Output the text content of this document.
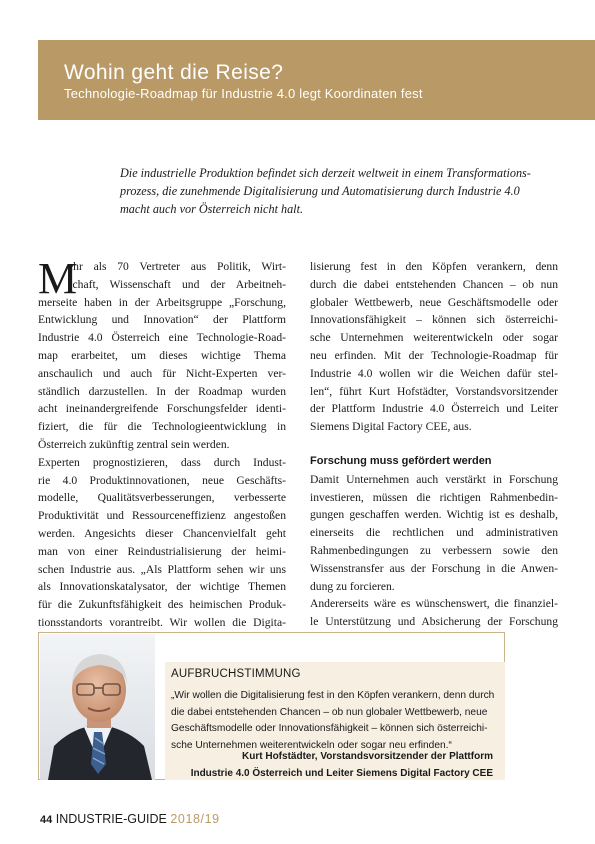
Wohin geht die Reise?
Technologie-Roadmap für Industrie 4.0 legt Koordinaten fest
Die industrielle Produktion befindet sich derzeit weltweit in einem Transformations-
prozess, die zunehmende Digitalisierung und Automatisierung durch Industrie 4.0
macht auch vor Österreich nicht halt.
M
ehr als 70 Vertreter aus Politik, Wirt-
schaft, Wissenschaft und der Arbeitneh-
merseite haben in der Arbeitsgruppe „Forschung,
Entwicklung und Innovation“ der Plattform
Industrie 4.0 Österreich eine Technologie-Road-
map erarbeitet, um dieses wichtige Thema
anschaulich und auch für Nicht-Experten ver-
ständlich darzustellen. In der Roadmap wurden
acht ineinandergreifende Forschungsfelder identi-
fiziert, die für die Technologieentwicklung in
Österreich zukünftig zentral sein werden.
Experten prognostizieren, dass durch Indust-
rie 4.0 Produktinnovationen, neue Geschäfts-
modelle, Qualitätsverbesserungen, verbesserte
Produktivität und Ressourceneffizienz angestoßen
werden. Angesichts dieser Chancenvielfalt geht
man von einer Reindustrialisierung der heimi-
schen Industrie aus. „Als Plattform sehen wir uns
als Innovationskatalysator, der wichtige Themen
für die Zukunftsfähigkeit des heimischen Produk-
tionsstandorts vorantreibt. Wir wollen die Digita-
lisierung fest in den Köpfen verankern, denn
durch die dabei entstehenden Chancen – ob nun
globaler Wettbewerb, neue Geschäftsmodelle oder
Innovationsfähigkeit – können sich österreichi-
sche Unternehmen weiterentwickeln oder sogar
neu erfinden. Mit der Technologie-Roadmap für
Industrie 4.0 wollen wir die Weichen dafür stel-
len“, führt Kurt Hofstädter, Vorstandsvorsitzender
der Plattform Industrie 4.0 Österreich und Leiter
Siemens Digital Factory CEE, aus.
Forschung muss gefördert werden
Damit Unternehmen auch verstärkt in Forschung
investieren, müssen die richtigen Rahmenbedin-
gungen geschaffen werden. Wichtig ist es deshalb,
einerseits die rechtlichen und administrativen
Rahmenbedingungen zu verbessern sowie den
Wissenstransfer aus der Forschung in die Anwen-
dung zu forcieren.
Andererseits wäre es wünschenswert, die finanziel-
le Unterstützung und Absicherung der Forschung
AUFBRUCHSTIMMUNG
„Wir wollen die Digitalisierung fest in den Köpfen verankern, denn durch
die dabei entstehenden Chancen – ob nun globaler Wettbewerb, neue
Geschäftsmodelle oder Innovationsfähigkeit – können sich österreichi-
sche Unternehmen weiterentwickeln oder sogar neu erfinden.“
Kurt Hofstädter, Vorstandsvorsitzender der Plattform
Industrie 4.0 Österreich und Leiter Siemens Digital Factory CEE
44 INDUSTRIE-GUIDE 2018/19
